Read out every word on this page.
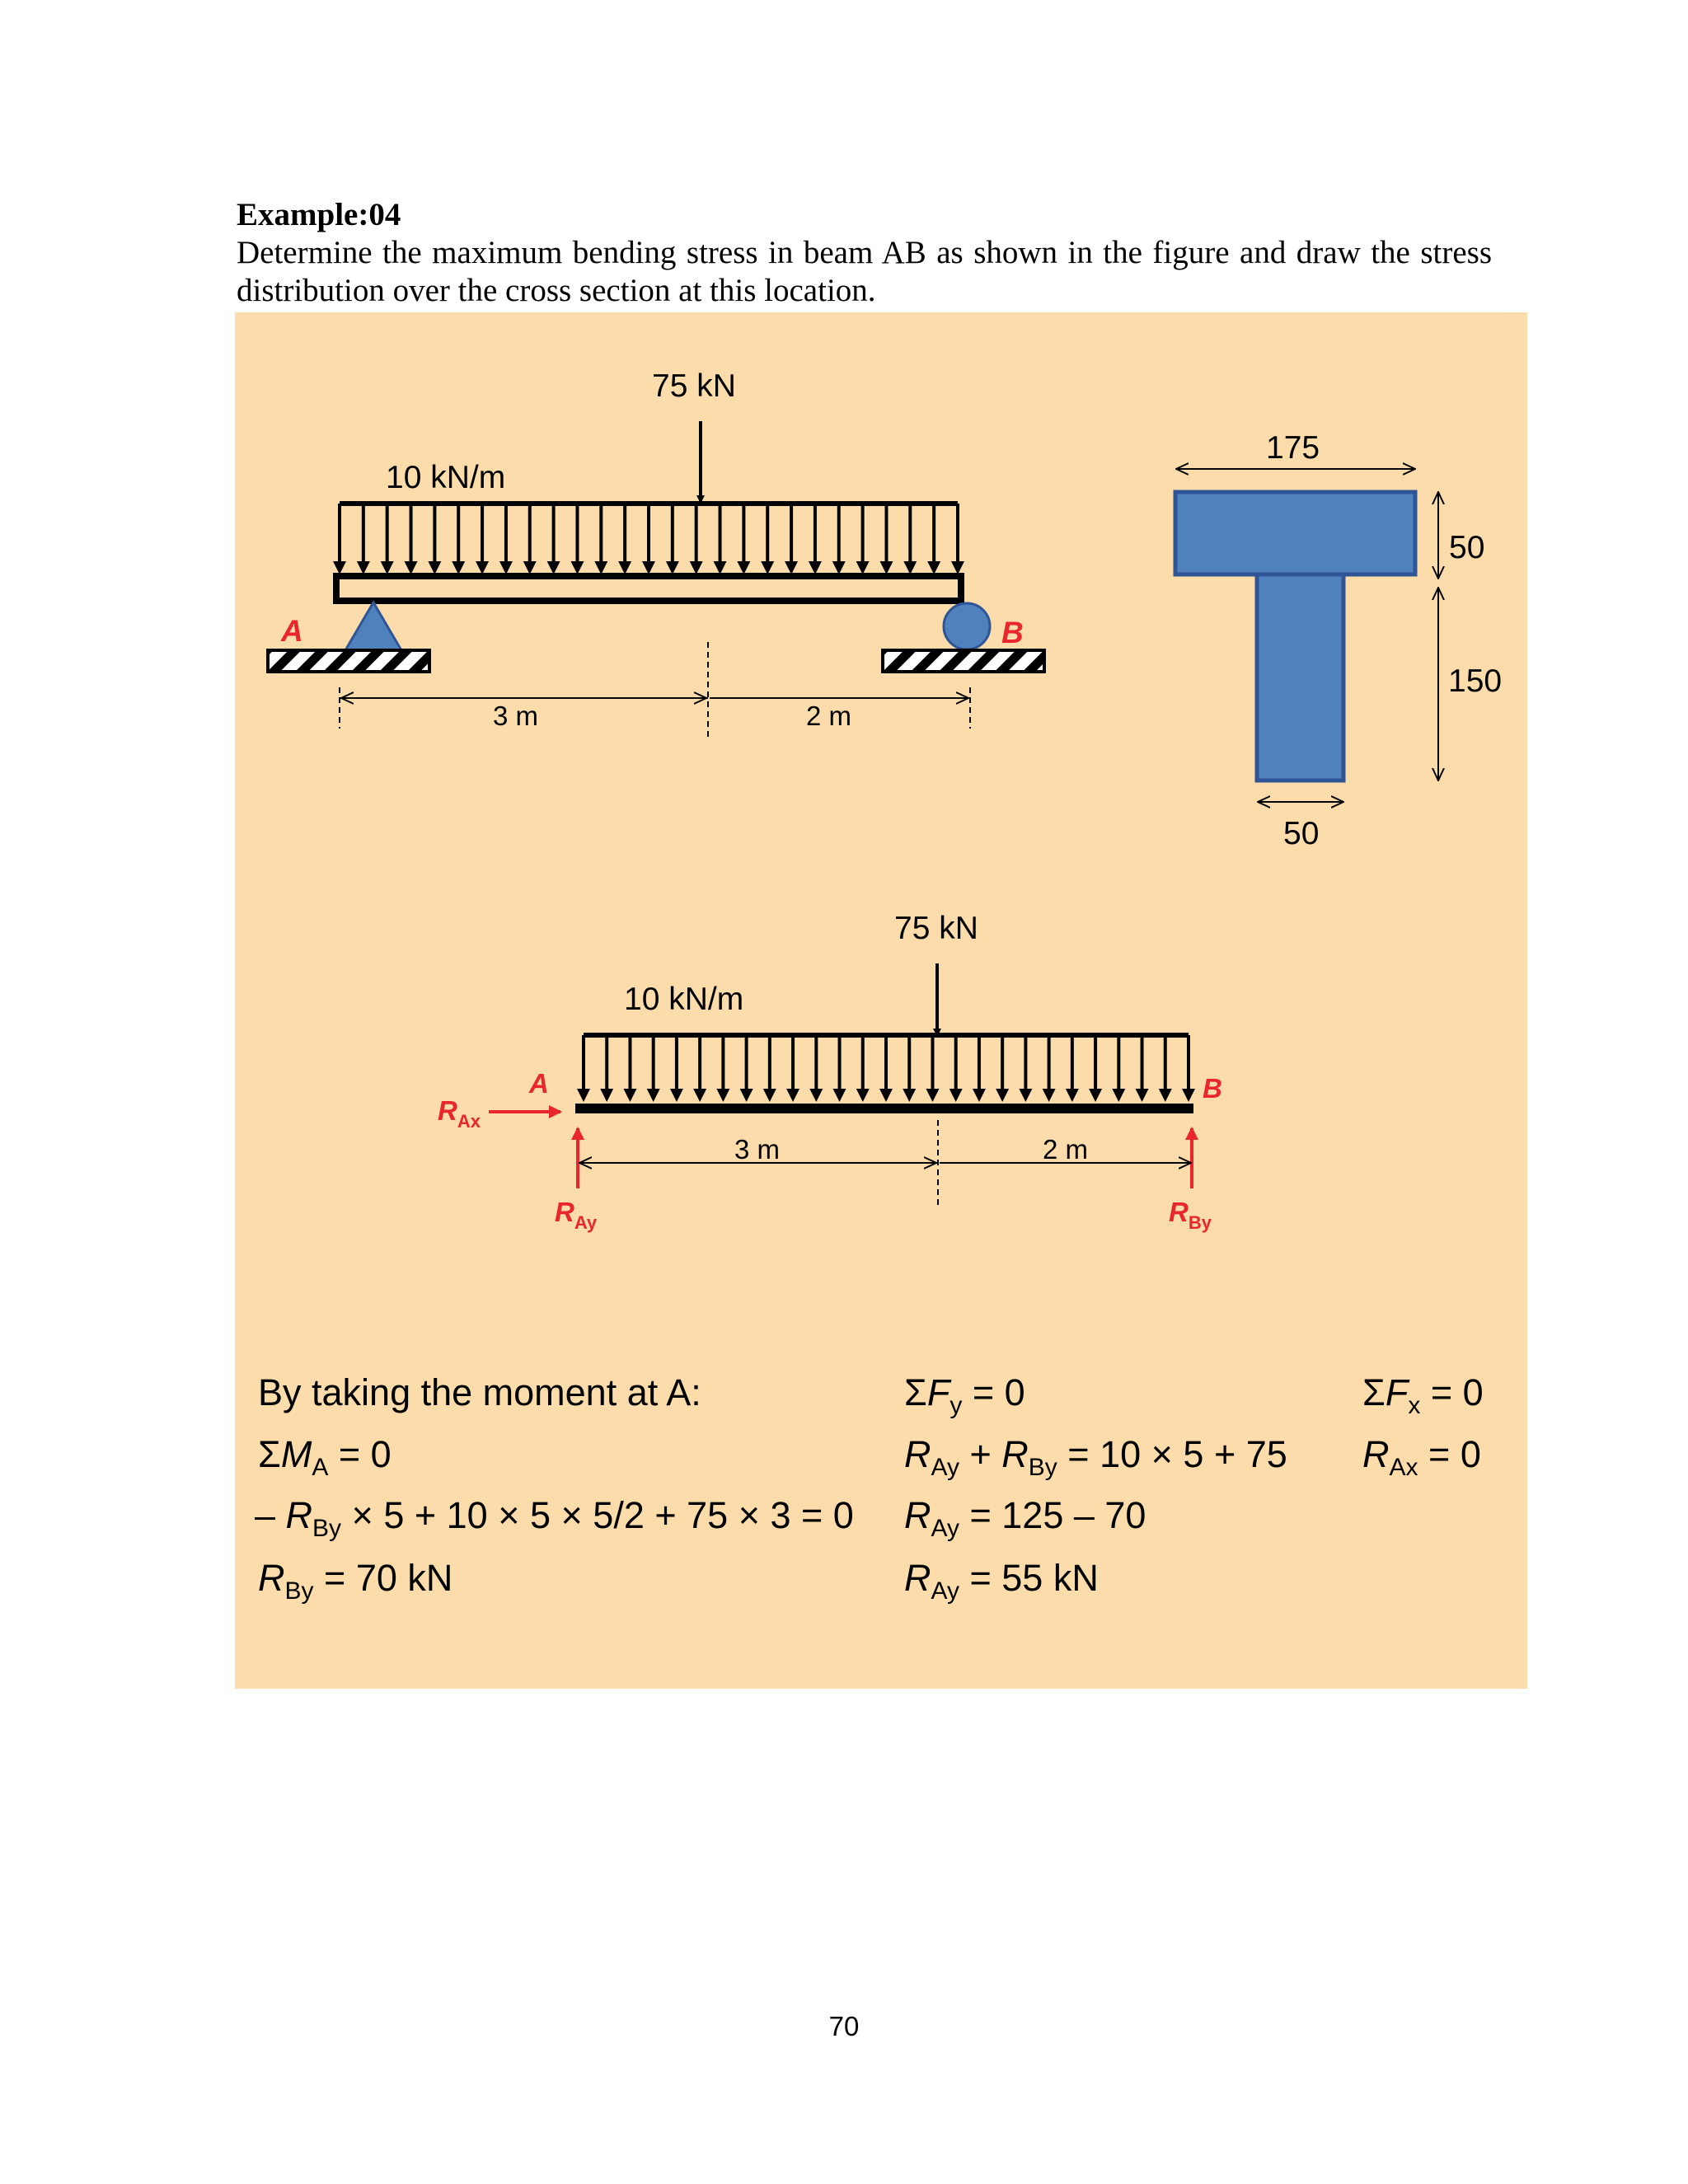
Example:04
Determine the maximum bending stress in beam AB as shown in the figure and draw the stress distribution over the cross section at this location.
75 kN
10 kN/m
A	B
3 m	2 m
175
50
150
50
75 kN
10 kN/m
A	B
$R_{Ax}$
$R_{Ay}$	$R_{By}$
3 m	2 m
By taking the moment at A:
$\Sigma M_A = 0$
– $R_{By} \times 5 + 10 \times 5 \times 5/2 + 75 \times 3 = 0$
$R_{By} = 70$ kN
$\Sigma F_y = 0$
$R_{Ay} + R_{By} = 10 \times 5 + 75$
$R_{Ay} = 125 - 70$
$R_{Ay} = 55$ kN
$\Sigma F_x = 0$
$R_{Ax} = 0$
70
